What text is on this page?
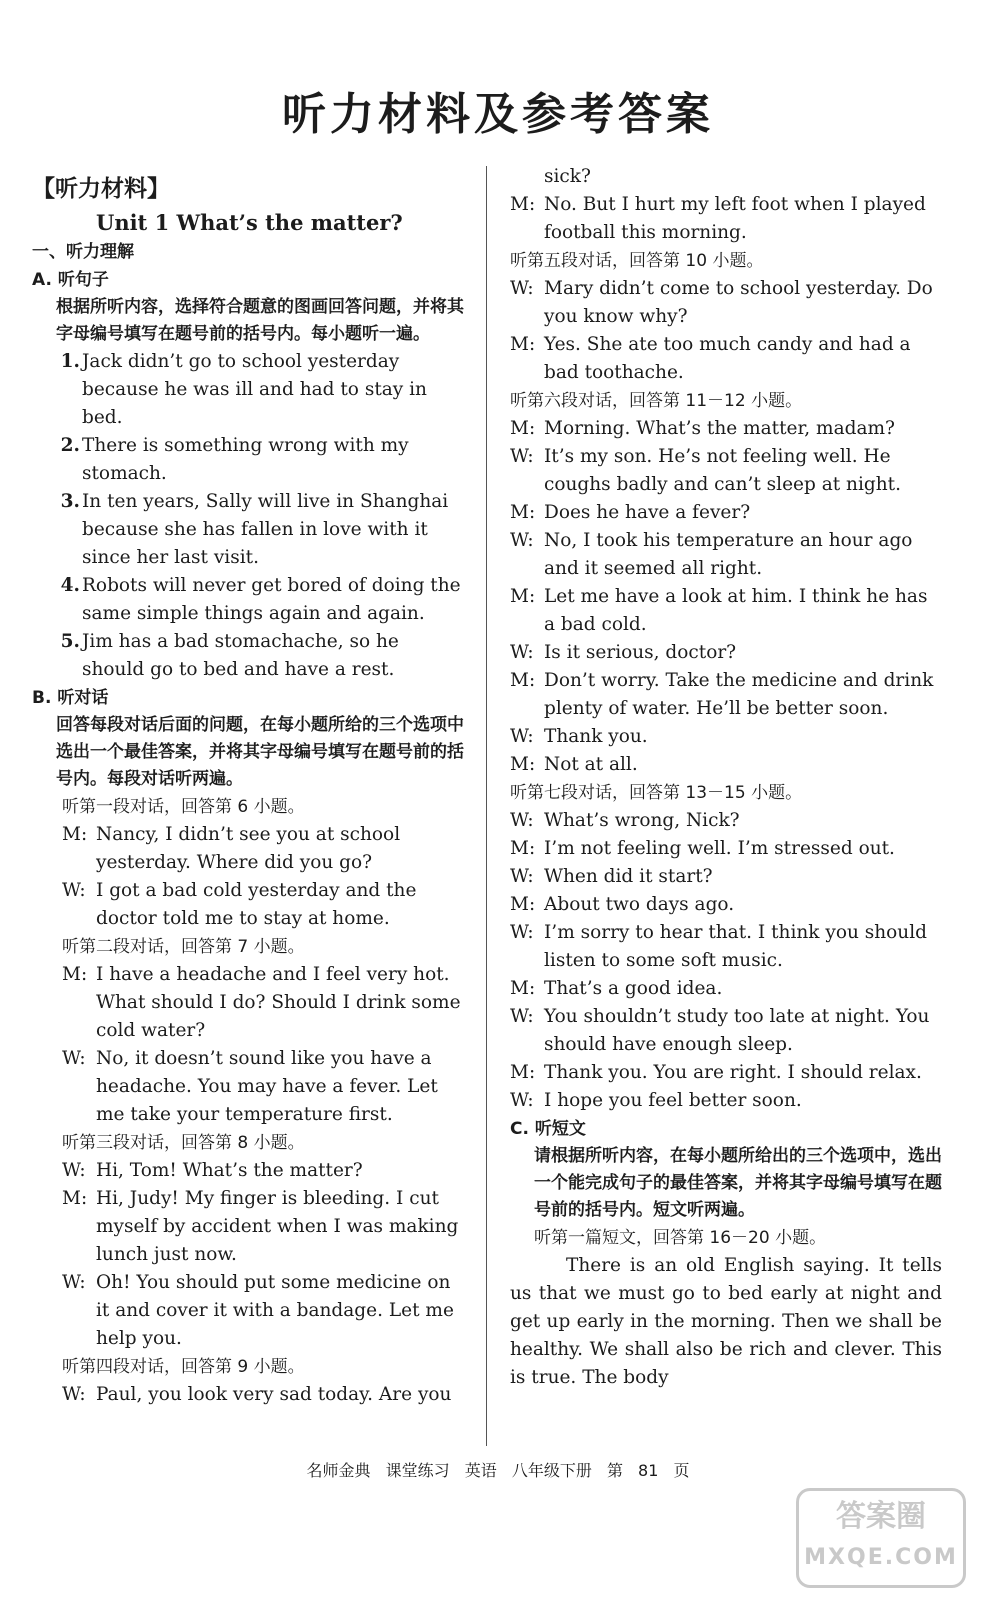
听力材料及参考答案
【听力材料】
Unit 1 What’s the matter?
一、听力理解
A. 听句子
根据所听内容，选择符合题意的图画回答问题，并将其字母编号填写在题号前的括号内。每小题听一遍。
1. Jack didn’t go to school yesterday because he was ill and had to stay in bed.
2. There is something wrong with my stomach.
3. In ten years, Sally will live in Shanghai because she has fallen in love with it since her last visit.
4. Robots will never get bored of doing the same simple things again and again.
5. Jim has a bad stomachache, so he should go to bed and have a rest.
B. 听对话
回答每段对话后面的问题，在每小题所给的三个选项中选出一个最佳答案，并将其字母编号填写在题号前的括号内。每段对话听两遍。
听第一段对话，回答第 6 小题。
M: Nancy, I didn’t see you at school yesterday. Where did you go?
W: I got a bad cold yesterday and the doctor told me to stay at home.
听第二段对话，回答第 7 小题。
M: I have a headache and I feel very hot. What should I do? Should I drink some cold water?
W: No, it doesn’t sound like you have a headache. You may have a fever. Let me take your temperature first.
听第三段对话，回答第 8 小题。
W: Hi, Tom! What’s the matter?
M: Hi, Judy! My finger is bleeding. I cut myself by accident when I was making lunch just now.
W: Oh! You should put some medicine on it and cover it with a bandage. Let me help you.
听第四段对话，回答第 9 小题。
W: Paul, you look very sad today. Are you
sick?
M: No. But I hurt my left foot when I played football this morning.
听第五段对话，回答第 10 小题。
W: Mary didn’t come to school yesterday. Do you know why?
M: Yes. She ate too much candy and had a bad toothache.
听第六段对话，回答第 11－12 小题。
M: Morning. What’s the matter, madam?
W: It’s my son. He’s not feeling well. He coughs badly and can’t sleep at night.
M: Does he have a fever?
W: No, I took his temperature an hour ago and it seemed all right.
M: Let me have a look at him. I think he has a bad cold.
W: Is it serious, doctor?
M: Don’t worry. Take the medicine and drink plenty of water. He’ll be better soon.
W: Thank you.
M: Not at all.
听第七段对话，回答第 13－15 小题。
W: What’s wrong, Nick?
M: I’m not feeling well. I’m stressed out.
W: When did it start?
M: About two days ago.
W: I’m sorry to hear that. I think you should listen to some soft music.
M: That’s a good idea.
W: You shouldn’t study too late at night. You should have enough sleep.
M: Thank you. You are right. I should relax.
W: I hope you feel better soon.
C. 听短文
请根据所听内容，在每小题所给出的三个选项中，选出一个能完成句子的最佳答案，并将其字母编号填写在题号前的括号内。短文听两遍。
听第一篇短文，回答第 16－20 小题。

There is an old English saying. It tells us that we must go to bed early at night and get up early in the morning. Then we shall be healthy. We shall also be rich and clever. This is true. The body

名师金典 课堂练习 英语 八年级下册 第 81 页
答案圈
MXQE.COM
